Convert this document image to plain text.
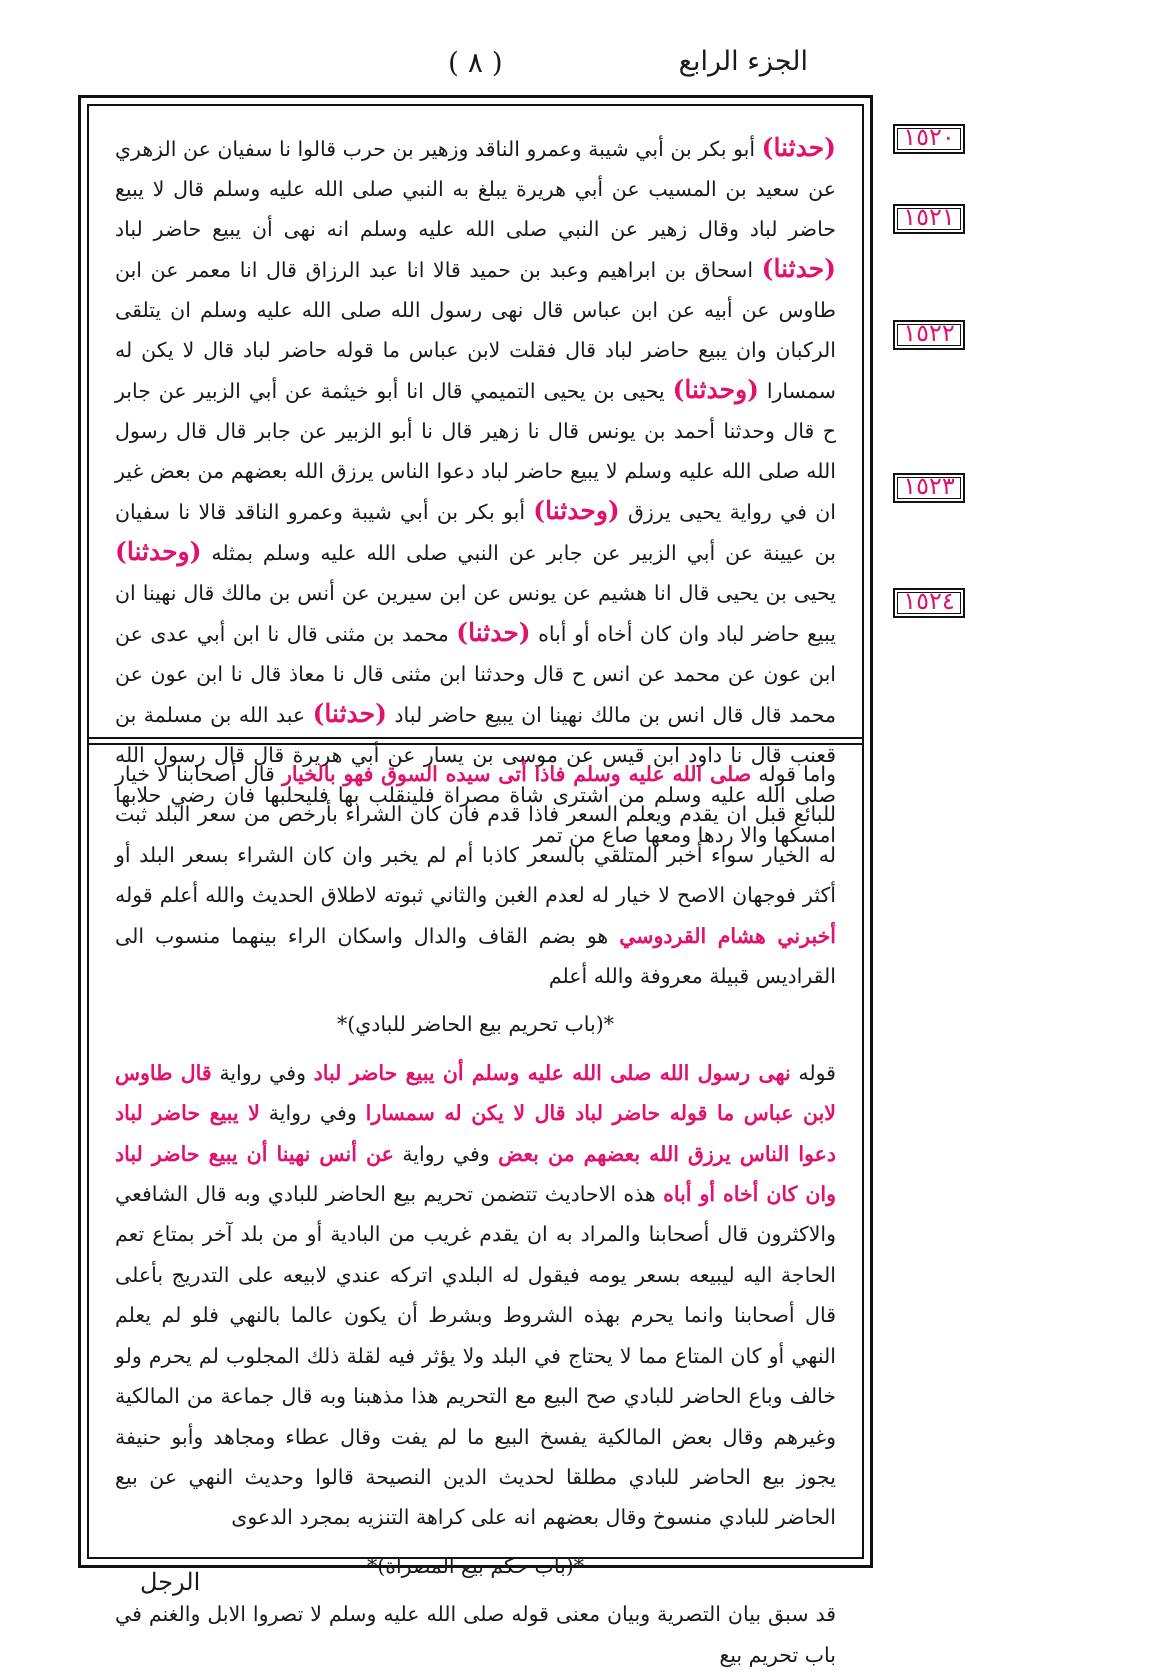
الجزء الرابع
( ٨ )
(حدثنا) أبو بكر بن أبي شيبة وعمرو الناقد وزهير بن حرب قالوا نا سفيان عن الزهري عن سعيد بن المسيب عن أبي هريرة يبلغ به النبي صلى الله عليه وسلم قال لا يبيع حاضر لباد وقال زهير عن النبي صلى الله عليه وسلم انه نهى أن يبيع حاضر لباد (حدثنا) اسحاق بن ابراهيم وعبد بن حميد قالا انا عبد الرزاق قال انا معمر عن ابن طاوس عن أبيه عن ابن عباس قال نهى رسول الله صلى الله عليه وسلم ان يتلقى الركبان وان يبيع حاضر لباد قال فقلت لابن عباس ما قوله حاضر لباد قال لا يكن له سمسارا (وحدثنا) يحيى بن يحيى التميمي قال انا أبو خيثمة عن أبي الزبير عن جابر ح قال وحدثنا أحمد بن يونس قال نا زهير قال نا أبو الزبير عن جابر قال قال رسول الله صلى الله عليه وسلم لا يبيع حاضر لباد دعوا الناس يرزق الله بعضهم من بعض غير ان في رواية يحيى يرزق (وحدثنا) أبو بكر بن أبي شيبة وعمرو الناقد قالا نا سفيان بن عيينة عن أبي الزبير عن جابر عن النبي صلى الله عليه وسلم بمثله (وحدثنا) يحيى بن يحيى قال انا هشيم عن يونس عن ابن سيرين عن أنس بن مالك قال نهينا ان يبيع حاضر لباد وان كان أخاه أو أباه (حدثنا) محمد بن مثنى قال نا ابن أبي عدى عن ابن عون عن محمد عن انس ح قال وحدثنا ابن مثنى قال نا معاذ قال نا ابن عون عن محمد قال قال انس بن مالك نهينا ان يبيع حاضر لباد (حدثنا) عبد الله بن مسلمة بن قعنب قال نا داود ابن قيس عن موسى بن يسار عن أبي هريرة قال قال رسول الله صلى الله عليه وسلم من اشترى شاة مصراة فلينقلب بها فليحلبها فان رضي حلابها امسكها والا ردها ومعها صاع من تمر
واما قوله صلى الله عليه وسلم فاذا أتى سيده السوق فهو بالخيار قال أصحابنا لا خيار للبائع قبل ان يقدم ويعلم السعر فاذا قدم فان كان الشراء بأرخص من سعر البلد ثبت له الخيار سواء أخبر المتلقي بالسعر كاذبا أم لم يخبر وان كان الشراء بسعر البلد أو أكثر فوجهان الاصح لا خيار له لعدم الغبن والثاني ثبوته لاطلاق الحديث والله أعلم قوله أخبرني هشام القردوسي هو بضم القاف والدال واسكان الراء بينهما منسوب الى القراديس قبيلة معروفة والله أعلم
*(باب تحريم بيع الحاضر للبادي)*
قوله نهى رسول الله صلى الله عليه وسلم أن يبيع حاضر لباد وفي رواية قال طاوس لابن عباس ما قوله حاضر لباد قال لا يكن له سمسارا وفي رواية لا يبيع حاضر لباد دعوا الناس يرزق الله بعضهم من بعض وفي رواية عن أنس نهينا أن يبيع حاضر لباد وان كان أخاه أو أباه هذه الاحاديث تتضمن تحريم بيع الحاضر للبادي وبه قال الشافعي والاكثرون قال أصحابنا والمراد به ان يقدم غريب من البادية أو من بلد آخر بمتاع تعم الحاجة اليه ليبيعه بسعر يومه فيقول له البلدي اتركه عندي لابيعه على التدريج بأعلى قال أصحابنا وانما يحرم بهذه الشروط وبشرط أن يكون عالما بالنهي فلو لم يعلم النهي أو كان المتاع مما لا يحتاج في البلد ولا يؤثر فيه لقلة ذلك المجلوب لم يحرم ولو خالف وباع الحاضر للبادي صح البيع مع التحريم هذا مذهبنا وبه قال جماعة من المالكية وغيرهم وقال بعض المالكية يفسخ البيع ما لم يفت وقال عطاء ومجاهد وأبو حنيفة يجوز بيع الحاضر للبادي مطلقا لحديث الدين النصيحة قالوا وحديث النهي عن بيع الحاضر للبادي منسوخ وقال بعضهم انه على كراهة التنزيه بمجرد الدعوى
*(باب حكم بيع المصراة)*
قد سبق بيان التصرية وبيان معنى قوله صلى الله عليه وسلم لا تصروا الابل والغنم في باب تحريم بيع
١٥٢٠
١٥٢١
١٥٢٢
١٥٢٣
١٥٢٤
الرجل
